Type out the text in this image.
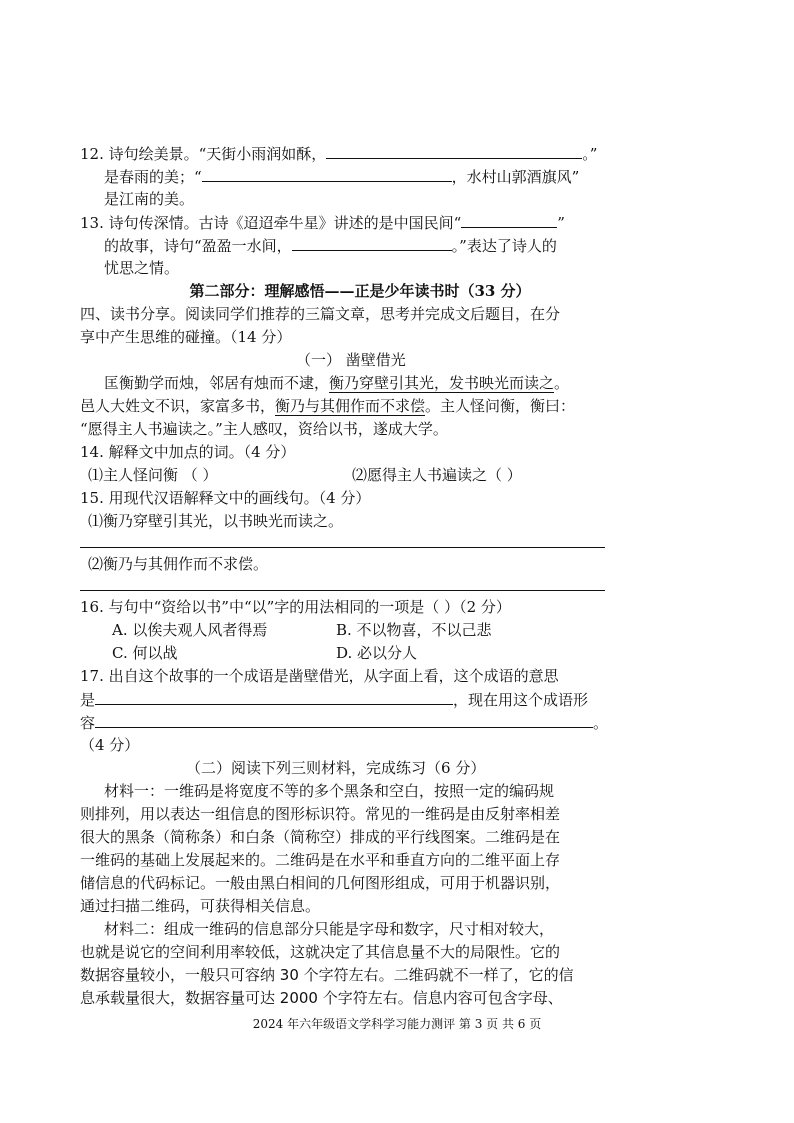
12. 诗句绘美景。“天街小雨润如酥，	。”
是春雨的美；“	，水村山郭酒旗风”
是江南的美。
13. 诗句传深情。古诗《迢迢牵牛星》讲述的是中国民间“	”
的故事，诗句“盈盈一水间，	。”表达了诗人的
忧思之情。
第二部分：理解感悟——正是少年读书时（33 分）
四、读书分享。阅读同学们推荐的三篇文章，思考并完成文后题目，在分
享中产生思维的碰撞。（14 分）
（一） 凿壁借光
匡衡勤学而烛，邻居有烛而不逮，衡乃穿壁引其光，发书映光而读之。
邑人大姓文不识，家富多书，衡乃与其佣作而不求偿。主人怪问衡，衡曰：
“愿得主人书遍读之。”主人感叹，资给以书，遂成大学。
14. 解释文中加点的词。（4 分）
⑴主人怪问衡 （ ）	⑵愿得主人书遍读之（ ）
15. 用现代汉语解释文中的画线句。（4 分）
⑴衡乃穿壁引其光，以书映光而读之。
⑵衡乃与其佣作而不求偿。
16. 与句中“资给以书”中“以”字的用法相同的一项是（ ）（2 分）
A. 以俟夫观人风者得焉	B. 不以物喜，不以己悲
C. 何以战	D. 必以分人
17. 出自这个故事的一个成语是凿壁借光，从字面上看，这个成语的意思
是	，现在用这个成语形
容	。
（4 分）
（二）阅读下列三则材料，完成练习（6 分）
材料一：一维码是将宽度不等的多个黑条和空白，按照一定的编码规
则排列，用以表达一组信息的图形标识符。常见的一维码是由反射率相差
很大的黑条（简称条）和白条（简称空）排成的平行线图案。二维码是在
一维码的基础上发展起来的。二维码是在水平和垂直方向的二维平面上存
储信息的代码标记。一般由黑白相间的几何图形组成，可用于机器识别，
通过扫描二维码，可获得相关信息。
材料二：组成一维码的信息部分只能是字母和数字，尺寸相对较大，
也就是说它的空间利用率较低，这就决定了其信息量不大的局限性。它的
数据容量较小，一般只可容纳 30 个字符左右。二维码就不一样了，它的信
息承载量很大，数据容量可达 2000 个字符左右。信息内容可包含字母、
2024 年六年级语文学科学习能力测评 第 3 页 共 6 页
